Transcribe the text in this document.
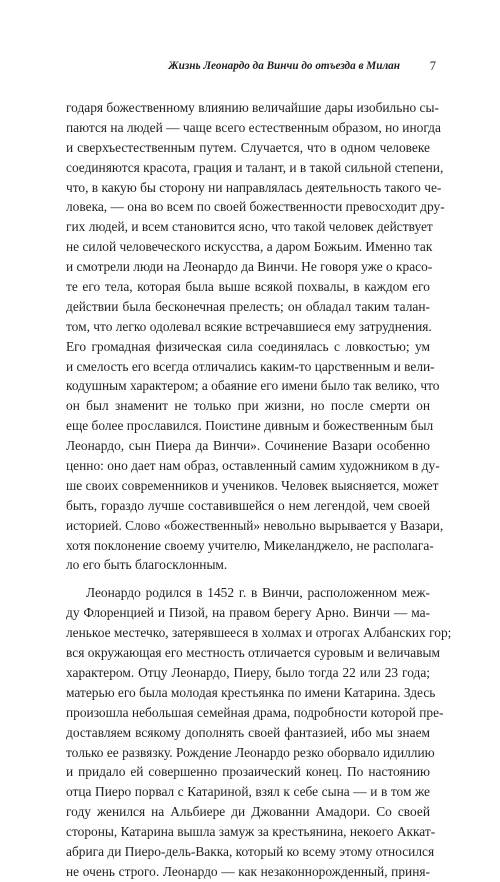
Жизнь Леонардо да Винчи до отъезда в Милан 7
годаря божественному влиянию величайшие дары изобильно сы-
паются на людей — чаще всего естественным образом, но иногда
и сверхъестественным путем. Случается, что в одном человеке
соединяются красота, грация и талант, и в такой сильной степени,
что, в какую бы сторону ни направлялась деятельность такого че-
ловека, — она во всем по своей божественности превосходит дру-
гих людей, и всем становится ясно, что такой человек действует
не силой человеческого искусства, а даром Божьим. Именно так
и смотрели люди на Леонардо да Винчи. Не говоря уже о красо-
те его тела, которая была выше всякой похвалы, в каждом его
действии была бесконечная прелесть; он обладал таким талан-
том, что легко одолевал всякие встречавшиеся ему затруднения.
Его громадная физическая сила соединялась с ловкостью; ум
и смелость его всегда отличались каким-то царственным и вели-
кодушным характером; а обаяние его имени было так велико, что
он был знаменит не только при жизни, но после смерти он
еще более прославился. Поистине дивным и божественным был
Леонардо, сын Пиера да Винчи». Сочинение Вазари особенно
ценно: оно дает нам образ, оставленный самим художником в ду-
ше своих современников и учеников. Человек выясняется, может
быть, гораздо лучше составившейся о нем легендой, чем своей
историей. Слово «божественный» невольно вырывается у Вазари,
хотя поклонение своему учителю, Микеланджело, не располага-
ло его быть благосклонным.
Леонардо родился в 1452 г. в Винчи, расположенном меж-
ду Флоренцией и Пизой, на правом берегу Арно. Винчи — ма-
ленькое местечко, затерявшееся в холмах и отрогах Албанских гор;
вся окружающая его местность отличается суровым и величавым
характером. Отцу Леонардо, Пиеру, было тогда 22 или 23 года;
матерью его была молодая крестьянка по имени Катарина. Здесь
произошла небольшая семейная драма, подробности которой пре-
доставляем всякому дополнять своей фантазией, ибо мы знаем
только ее развязку. Рождение Леонардо резко оборвало идиллию
и придало ей совершенно прозаический конец. По настоянию
отца Пиеро порвал с Катариной, взял к себе сына — и в том же
году женился на Альбиере ди Джованни Амадори. Со своей
стороны, Катарина вышла замуж за крестьянина, некоего Аккат-
абрига ди Пиеро-дель-Вакка, который ко всему этому относился
не очень строго. Леонардо — как незаконнорожденный, приня-
